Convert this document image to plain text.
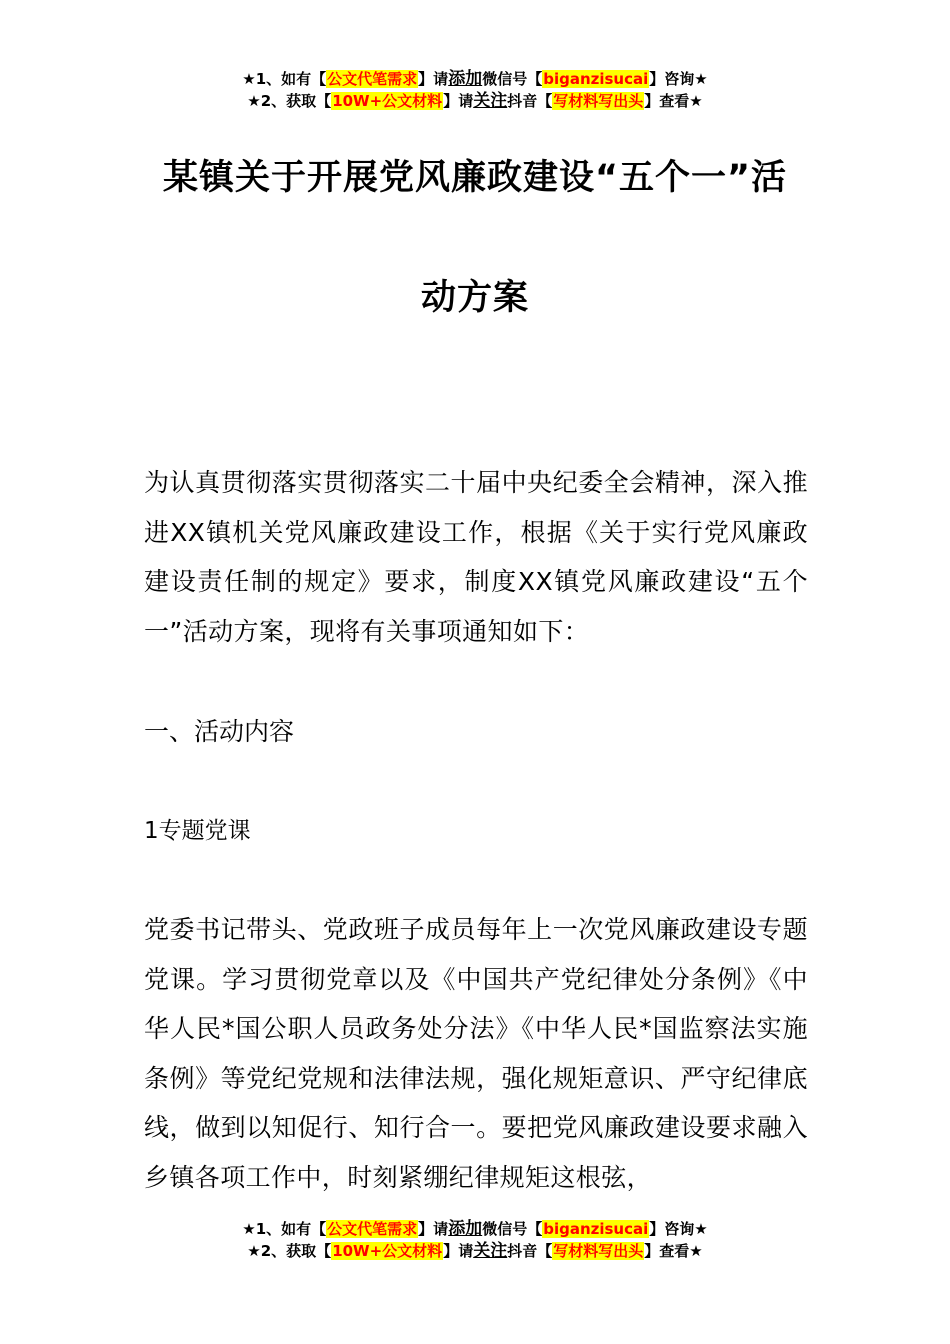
★1、如有【公文代笔需求】请添加微信号【biganzisucai】咨询★
★2、获取【10W+公文材料】请关注抖音【写材料写出头】查看★
某镇关于开展党风廉政建设“五个一”活
动方案
为认真贯彻落实贯彻落实二十届中央纪委全会精神，深入推进XX镇机关党风廉政建设工作，根据《关于实行党风廉政建设责任制的规定》要求，制度XX镇党风廉政建设“五个一”活动方案，现将有关事项通知如下：
一、活动内容
1专题党课
党委书记带头、党政班子成员每年上一次党风廉政建设专题党课。学习贯彻党章以及《中国共产党纪律处分条例》《中华人民*国公职人员政务处分法》《中华人民*国监察法实施条例》等党纪党规和法律法规，强化规矩意识、严守纪律底线，做到以知促行、知行合一。要把党风廉政建设要求融入乡镇各项工作中，时刻紧绷纪律规矩这根弦，
★1、如有【公文代笔需求】请添加微信号【biganzisucai】咨询★
★2、获取【10W+公文材料】请关注抖音【写材料写出头】查看★
